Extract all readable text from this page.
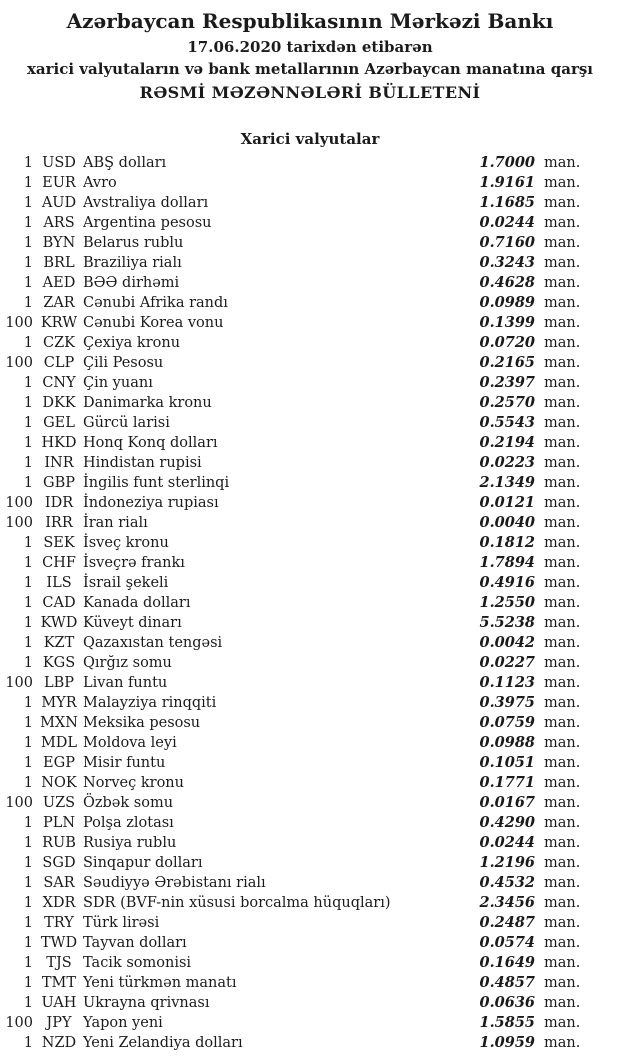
Azərbaycan Respublikasının Mərkəzi Bankı
17.06.2020 tarixdən etibarən
xarici valyutaların və bank metallarının Azərbaycan manatına qarşı
RƏSMİ MƏZƏNNƏLƏRİ BÜLLETENİ
Xarici valyutalar
1 USD ABŞ dolları	1.7000 man.
1 EUR Avro	1.9161 man.
1 AUD Avstraliya dolları	1.1685 man.
1 ARS Argentina pesosu	0.0244 man.
1 BYN Belarus rublu	0.7160 man.
1 BRL Braziliya rialı	0.3243 man.
1 AED BƏƏ dirhəmi	0.4628 man.
1 ZAR Cənubi Afrika randı	0.0989 man.
100 KRW Cənubi Korea vonu	0.1399 man.
1 CZK Çexiya kronu	0.0720 man.
100 CLP Çili Pesosu	0.2165 man.
1 CNY Çin yuanı	0.2397 man.
1 DKK Danimarka kronu	0.2570 man.
1 GEL Gürcü larisi	0.5543 man.
1 HKD Honq Konq dolları	0.2194 man.
1 INR Hindistan rupisi	0.0223 man.
1 GBP İngilis funt sterlinqi	2.1349 man.
100 IDR İndoneziya rupiası	0.0121 man.
100 IRR İran rialı	0.0040 man.
1 SEK İsveç kronu	0.1812 man.
1 CHF İsveçrə frankı	1.7894 man.
1 ILS İsrail şekeli	0.4916 man.
1 CAD Kanada dolları	1.2550 man.
1 KWD Küveyt dinarı	5.5238 man.
1 KZT Qazaxıstan tengəsi	0.0042 man.
1 KGS Qırğız somu	0.0227 man.
100 LBP Livan funtu	0.1123 man.
1 MYR Malayziya rinqqiti	0.3975 man.
1 MXN Meksika pesosu	0.0759 man.
1 MDL Moldova leyi	0.0988 man.
1 EGP Misir funtu	0.1051 man.
1 NOK Norveç kronu	0.1771 man.
100 UZS Özbək somu	0.0167 man.
1 PLN Polşa zlotası	0.4290 man.
1 RUB Rusiya rublu	0.0244 man.
1 SGD Sinqapur dolları	1.2196 man.
1 SAR Səudiyyə Ərəbistanı rialı	0.4532 man.
1 XDR SDR (BVF-nin xüsusi borcalma hüquqları)	2.3456 man.
1 TRY Türk lirəsi	0.2487 man.
1 TWD Tayvan dolları	0.0574 man.
1 TJS Tacik somonisi	0.1649 man.
1 TMT Yeni türkmən manatı	0.4857 man.
1 UAH Ukrayna qrivnası	0.0636 man.
100 JPY Yapon yeni	1.5855 man.
1 NZD Yeni Zelandiya dolları	1.0959 man.
